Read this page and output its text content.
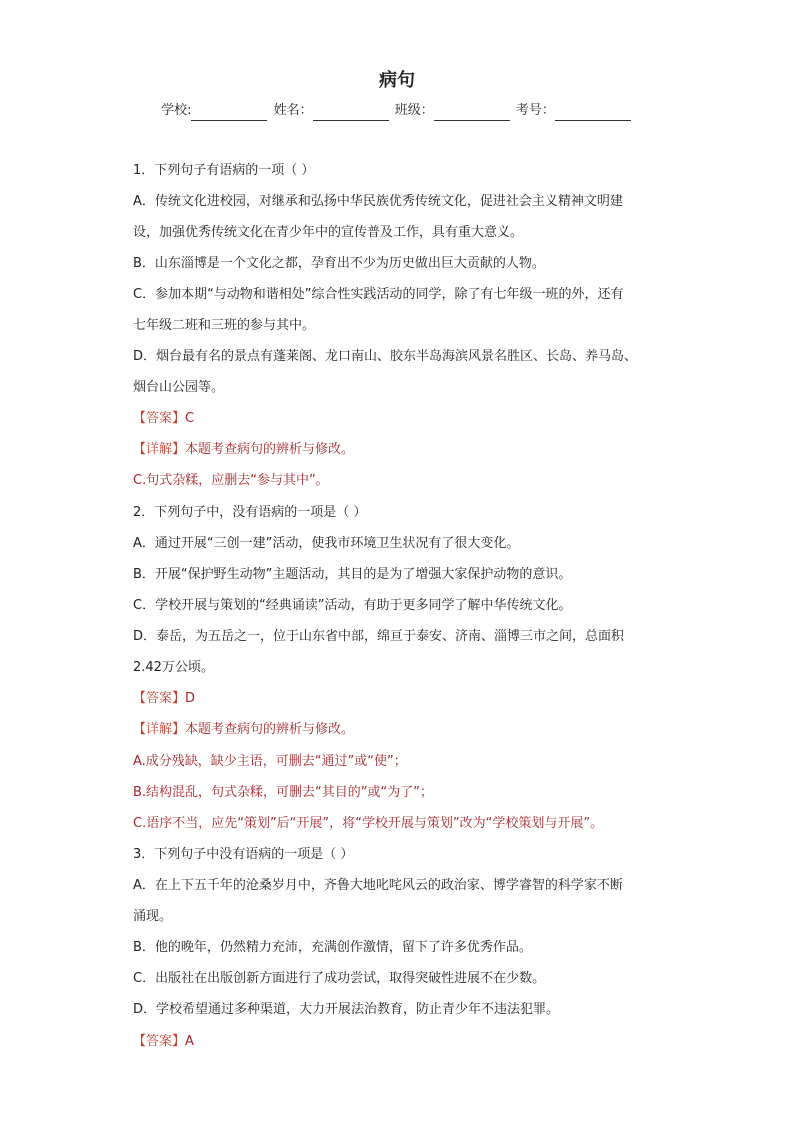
病句
学校:	姓名：	班级：	考号：
1．下列句子有语病的一项（ ）
A．传统文化进校园，对继承和弘扬中华民族优秀传统文化，促进社会主义精神文明建
设，加强优秀传统文化在青少年中的宣传普及工作，具有重大意义。
B．山东淄博是一个文化之都，孕育出不少为历史做出巨大贡献的人物。
C．参加本期“与动物和谐相处”综合性实践活动的同学，除了有七年级一班的外，还有
七年级二班和三班的参与其中。
D．烟台最有名的景点有蓬莱阁、龙口南山、胶东半岛海滨风景名胜区、长岛、养马岛、
烟台山公园等。
【答案】C
【详解】本题考查病句的辨析与修改。
C.句式杂糅，应删去“参与其中”。
2．下列句子中，没有语病的一项是（ ）
A．通过开展“三创一建”活动，使我市环境卫生状况有了很大变化。
B．开展“保护野生动物”主题活动，其目的是为了增强大家保护动物的意识。
C．学校开展与策划的“经典诵读”活动，有助于更多同学了解中华传统文化。
D．泰岳，为五岳之一，位于山东省中部，绵亘于泰安、济南、淄博三市之间，总面积
2.42万公顷。
【答案】D
【详解】本题考查病句的辨析与修改。
A.成分残缺，缺少主语，可删去“通过”或“使”；
B.结构混乱，句式杂糅，可删去“其目的”或“为了”；
C.语序不当，应先“策划”后“开展”，将“学校开展与策划”改为“学校策划与开展”。
3．下列句子中没有语病的一项是（ ）
A．在上下五千年的沧桑岁月中，齐鲁大地叱咤风云的政治家、博学睿智的科学家不断
涌现。
B．他的晚年，仍然精力充沛，充满创作激情，留下了许多优秀作品。
C．出版社在出版创新方面进行了成功尝试，取得突破性进展不在少数。
D．学校希望通过多种渠道，大力开展法治教育，防止青少年不违法犯罪。
【答案】A
